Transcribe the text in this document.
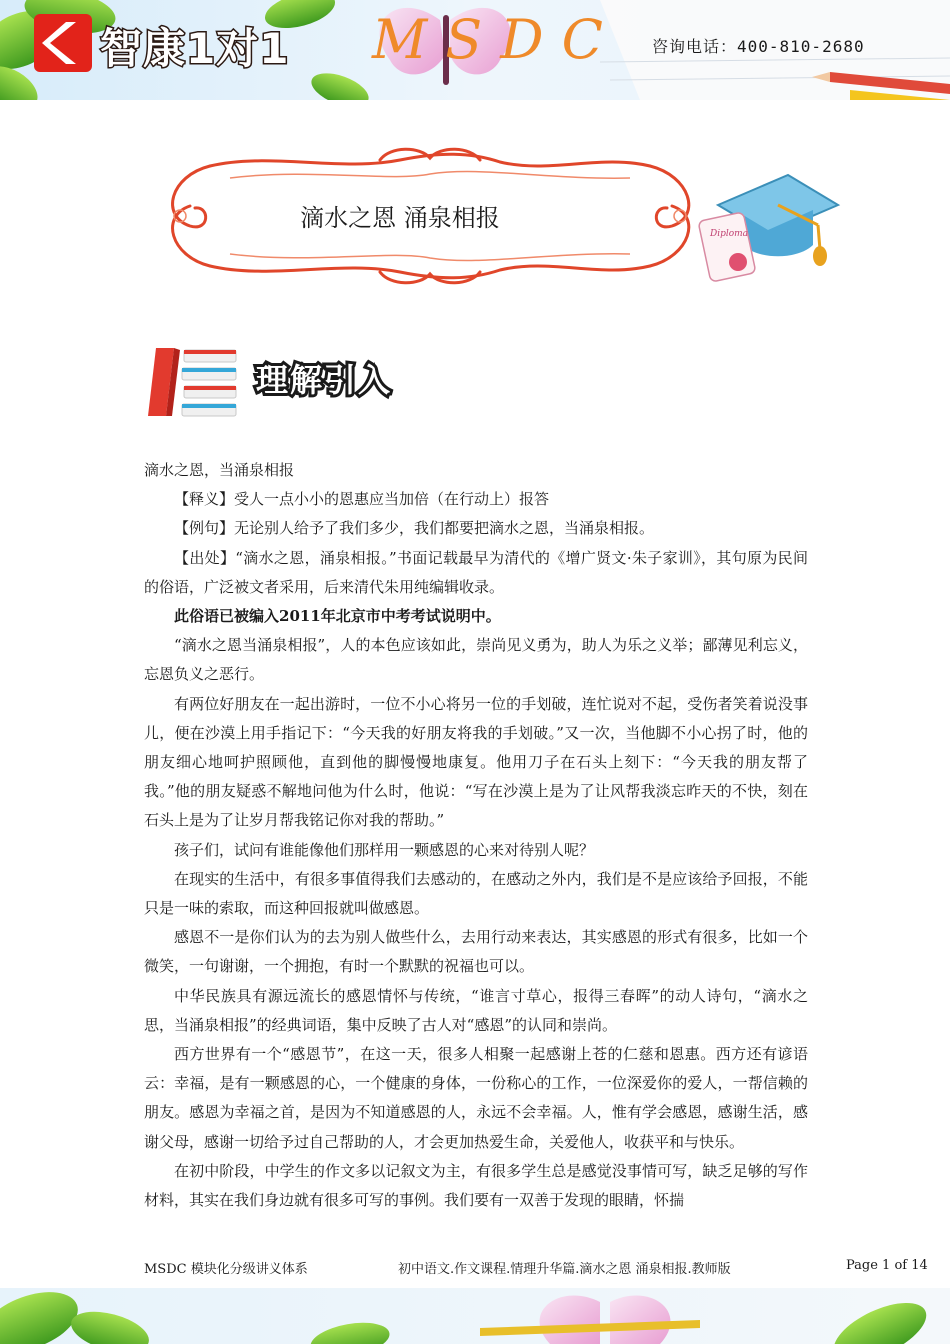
智康1对1 MSDC 咨询电话：400-810-2680
滴水之恩 涌泉相报
Diploma
理解引入

滴水之恩，当涌泉相报

【释义】受人一点小小的恩惠应当加倍（在行动上）报答

【例句】无论别人给予了我们多少，我们都要把滴水之恩，当涌泉相报。

【出处】“滴水之恩，涌泉相报。”书面记载最早为清代的《增广贤文·朱子家训》，其句原为民间的俗语，广泛被文者采用，后来清代朱用纯编辑收录。

此俗语已被编入2011年北京市中考考试说明中。

“滴水之恩当涌泉相报”，人的本色应该如此，崇尚见义勇为，助人为乐之义举；鄙薄见利忘义，忘恩负义之恶行。

有两位好朋友在一起出游时，一位不小心将另一位的手划破，连忙说对不起，受伤者笑着说没事儿，便在沙漠上用手指记下：“今天我的好朋友将我的手划破。”又一次，当他脚不小心拐了时，他的朋友细心地呵护照顾他，直到他的脚慢慢地康复。他用刀子在石头上刻下：“今天我的朋友帮了我。”他的朋友疑惑不解地问他为什么时，他说：“写在沙漠上是为了让风帮我淡忘昨天的不快，刻在石头上是为了让岁月帮我铭记你对我的帮助。”

孩子们，试问有谁能像他们那样用一颗感恩的心来对待别人呢？

在现实的生活中，有很多事值得我们去感动的，在感动之外内，我们是不是应该给予回报，不能只是一味的索取，而这种回报就叫做感恩。

感恩不一是你们认为的去为别人做些什么，去用行动来表达，其实感恩的形式有很多，比如一个微笑，一句谢谢，一个拥抱，有时一个默默的祝福也可以。

中华民族具有源远流长的感恩情怀与传统，“谁言寸草心，报得三春晖”的动人诗句，“滴水之思，当涌泉相报”的经典词语，集中反映了古人对“感恩”的认同和崇尚。

西方世界有一个“感恩节”，在这一天，很多人相聚一起感谢上苍的仁慈和恩惠。西方还有谚语云：幸福，是有一颗感恩的心，一个健康的身体，一份称心的工作，一位深爱你的爱人，一帮信赖的朋友。感恩为幸福之首，是因为不知道感恩的人，永远不会幸福。人，惟有学会感恩，感谢生活，感谢父母，感谢一切给予过自己帮助的人，才会更加热爱生命，关爱他人，收获平和与快乐。

在初中阶段，中学生的作文多以记叙文为主，有很多学生总是感觉没事情可写，缺乏足够的写作材料，其实在我们身边就有很多可写的事例。我们要有一双善于发现的眼睛，怀揣

MSDC 模块化分级讲义体系	初中语文.作文课程.情理升华篇.滴水之恩 涌泉相报.教师版	Page 1 of 14
